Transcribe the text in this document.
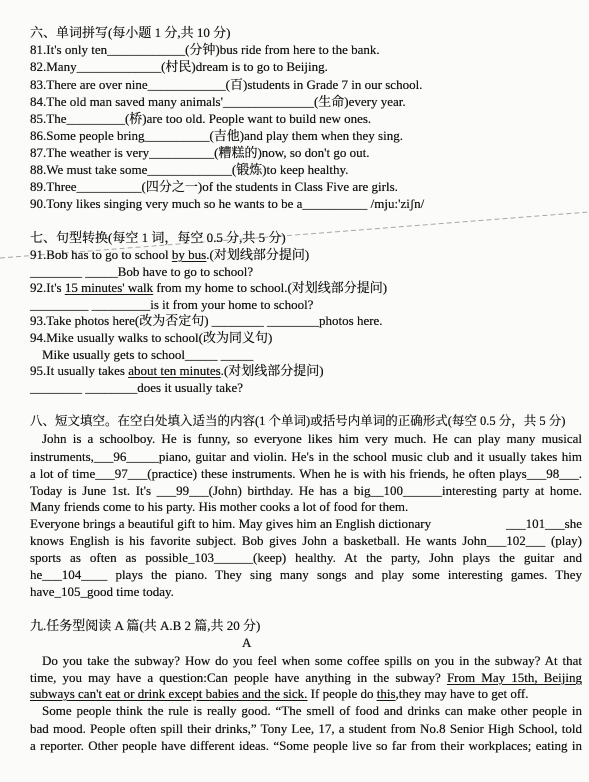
六、单词拼写(每小题 1 分,共 10 分)
81.It's only ten____________(分钟)bus ride from here to the bank.
82.Many_____________(村民)dream is to go to Beijing.
83.There are over nine____________(百)students in Grade 7 in our school.
84.The old man saved many animals'______________(生命)every year.
85.The_________(桥)are too old. People want to build new ones.
86.Some people bring__________(吉他)and play them when they sing.
87.The weather is very__________(糟糕的)now, so don't go out.
88.We must take some_____________(锻炼)to keep healthy.
89.Three__________(四分之一)of the students in Class Five are girls.
90.Tony likes singing very much so he wants to be a__________ /mju:'ziʃn/
七、句型转换(每空 1 词，每空 0.5 分,共 5 分)
91.Bob has to go to school by bus.(对划线部分提问)
________ _____Bob have to go to school?
92.It's 15 minutes' walk from my home to school.(对划线部分提问)
_________ _________is it from your home to school?
93.Take photos here(改为否定句) ________ ________photos here.
94.Mike usually walks to school(改为同义句)
Mike usually gets to school_____ _____
95.It usually takes about ten minutes.(对划线部分提问)
________ ________does it usually take?
八、短文填空。在空白处填入适当的内容(1 个单词)或括号内单词的正确形式(每空 0.5 分，共 5 分)
John is a schoolboy. He is funny, so everyone likes him very much. He can play many musical
instruments,___96_____piano, guitar and violin. He's in the school music club and it usually takes him
a lot of time___97___(practice) these instruments. When he is with his friends, he often plays___98___.
Today is June 1st. It's ___99___(John) birthday. He has a big__100______interesting party at home.
Many friends come to his party. His mother cooks a lot of food for them.
Everyone brings a beautiful gift to him. May gives him an English dictionary	___101___she
knows English is his favorite subject. Bob gives John a basketball. He wants John___102___ (play)
sports as often as possible_103______(keep) healthy. At the party, John plays the guitar and
he___104____ plays the piano. They sing many songs and play some interesting games. They
have_105_good time today.
九.任务型阅读 A 篇(共 A.B 2 篇,共 20 分)
A
Do you take the subway? How do you feel when some coffee spills on you in the subway? At that
time, you may have a question:Can people have anything in the subway? From May 15th, Beijing
subways can't eat or drink except babies and the sick. If people do this,they may have to get off.
Some people think the rule is really good. “The smell of food and drinks can make other people in
bad mood. People often spill their drinks,” Tony Lee, 17, a student from No.8 Senior High School, told
a reporter. Other people have different ideas. “Some people live so far from their workplaces; eating in
